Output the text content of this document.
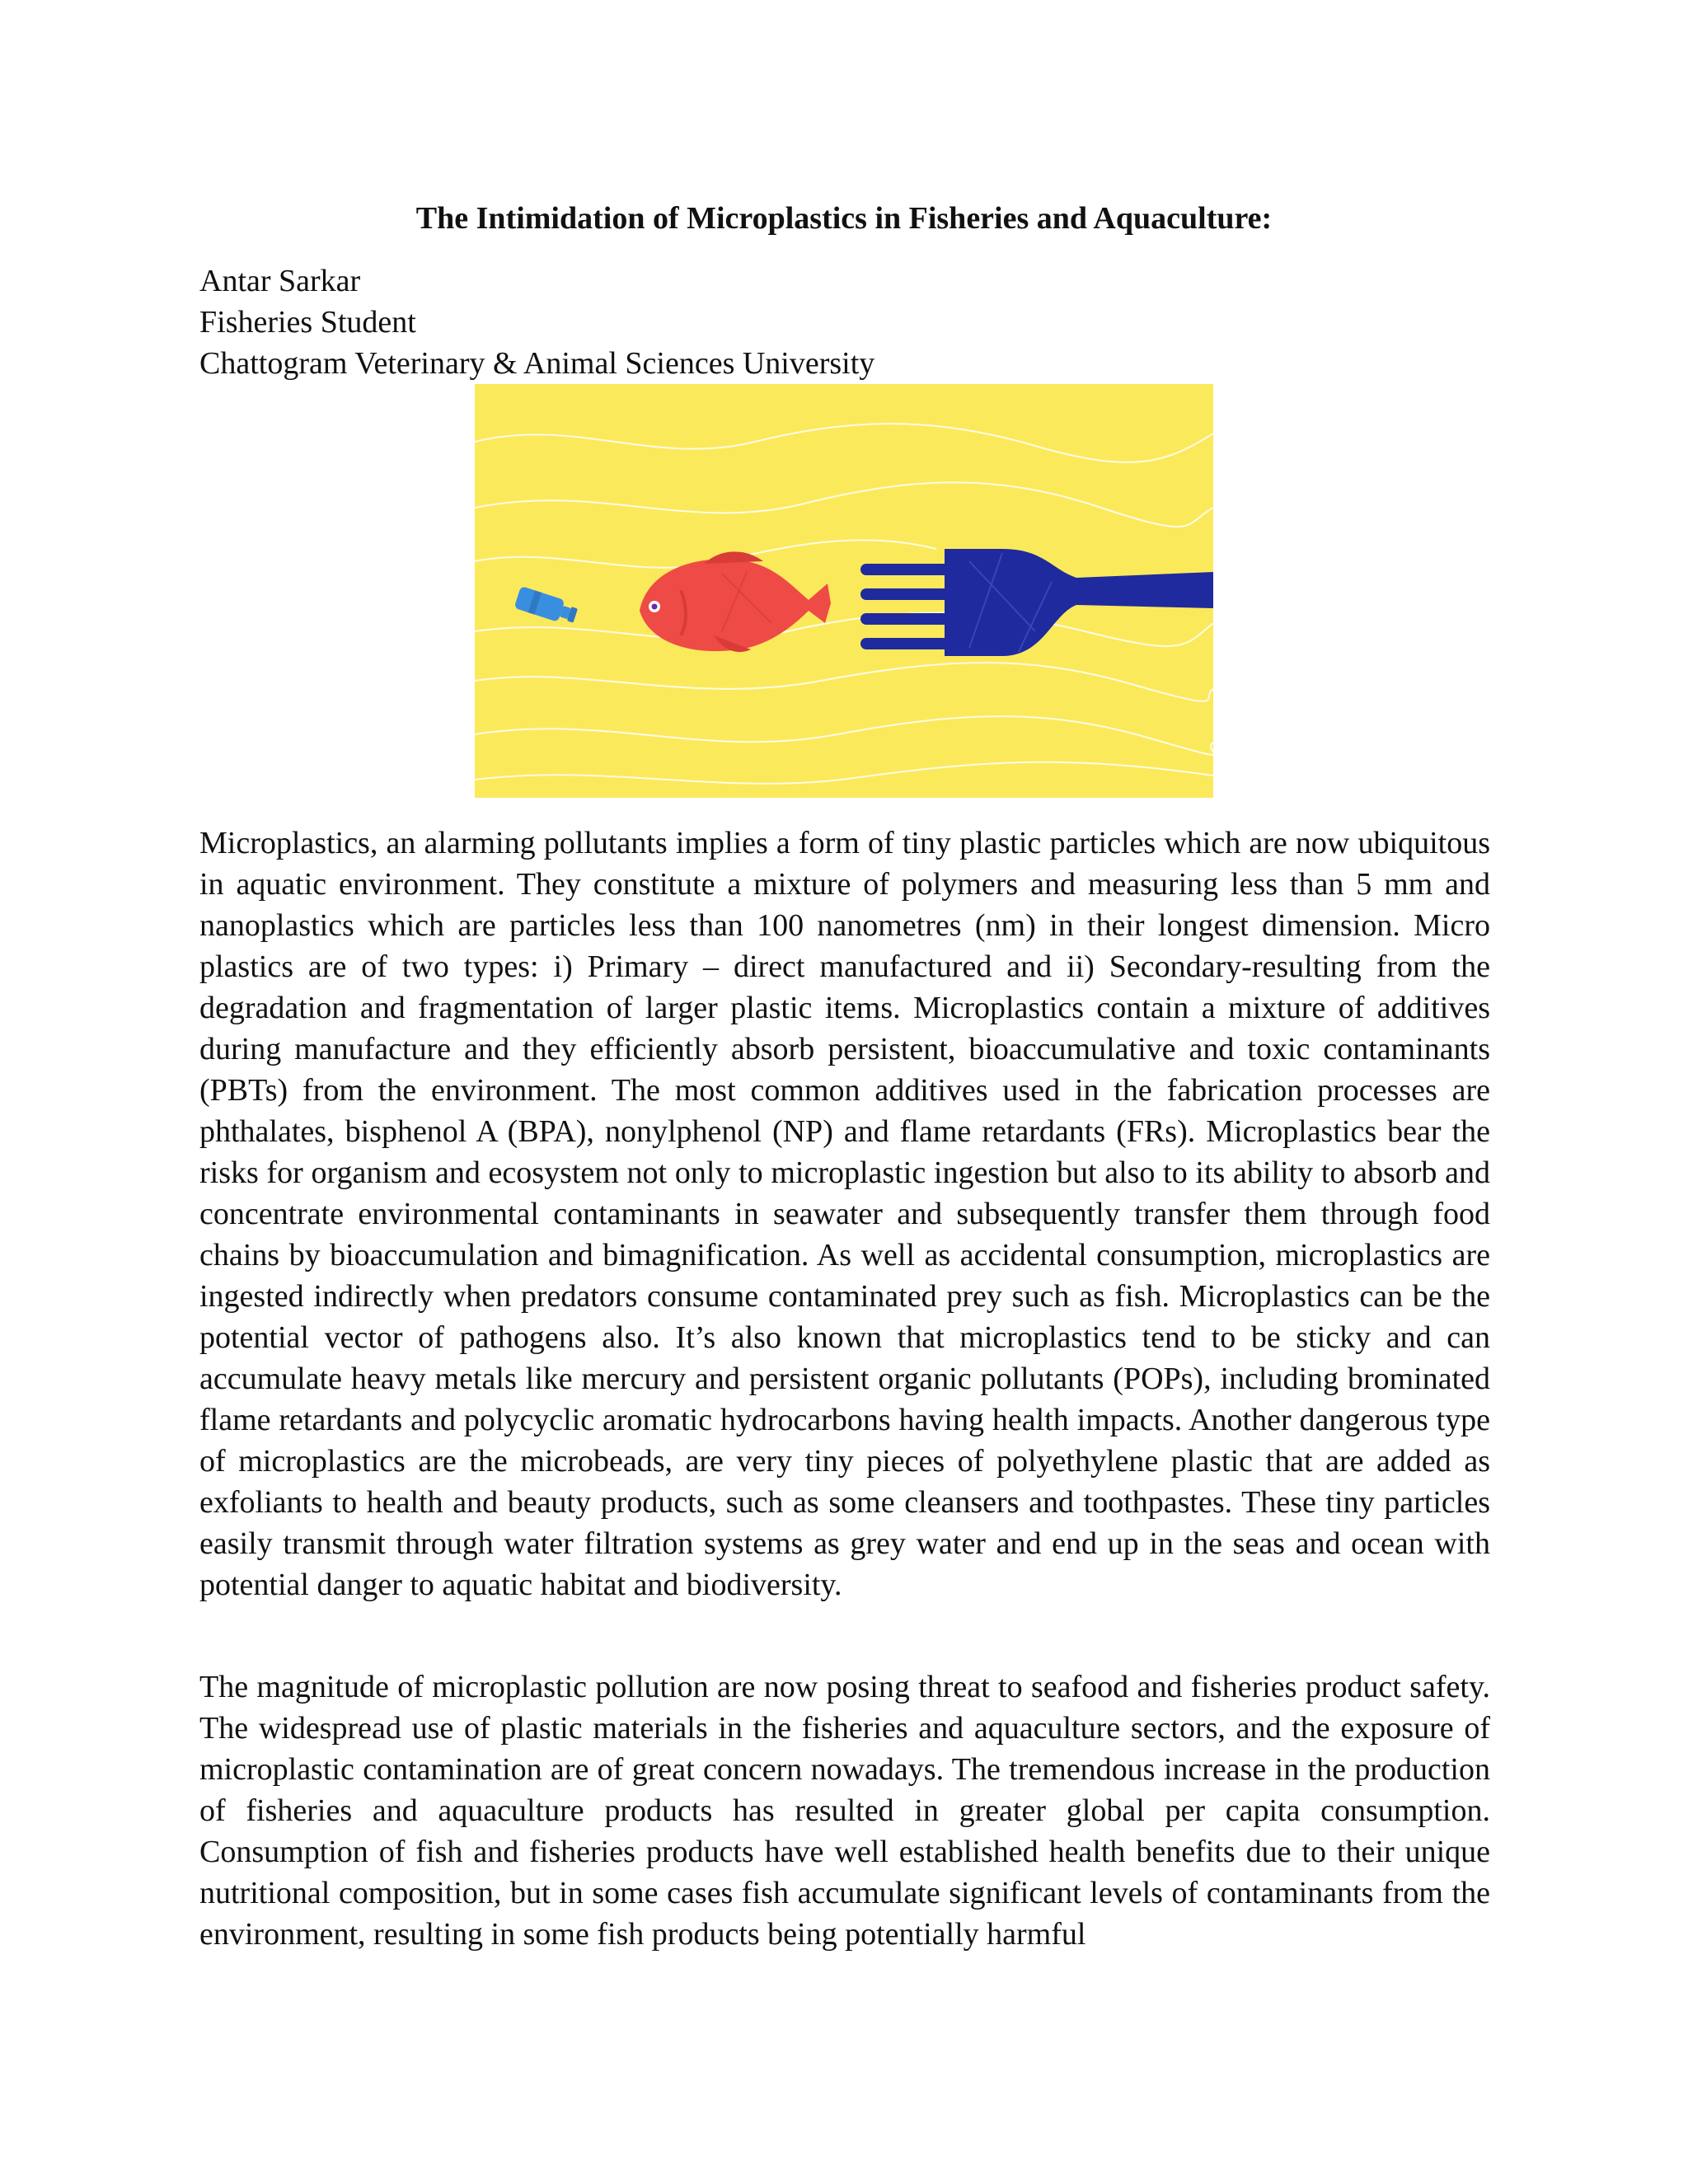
The Intimidation of Microplastics in Fisheries and Aquaculture:
Antar Sarkar
Fisheries Student
Chattogram Veterinary & Animal Sciences University

Microplastics, an alarming pollutants implies a form of tiny plastic particles which are now ubiquitous in aquatic environment. They constitute a mixture of polymers and measuring less than 5 mm and nanoplastics which are particles less than 100 nanometres (nm) in their longest dimension. Micro plastics are of two types: i) Primary – direct manufactured and ii) Secondary-resulting from the degradation and fragmentation of larger plastic items. Microplastics contain a mixture of additives during manufacture and they efficiently absorb persistent, bioaccumulative and toxic contaminants (PBTs) from the environment. The most common additives used in the fabrication processes are phthalates, bisphenol A (BPA), nonylphenol (NP) and flame retardants (FRs). Microplastics bear the risks for organism and ecosystem not only to microplastic ingestion but also to its ability to absorb and concentrate environmental contaminants in seawater and subsequently transfer them through food chains by bioaccumulation and bimagnification. As well as accidental consumption, microplastics are ingested indirectly when predators consume contaminated prey such as fish. Microplastics can be the potential vector of pathogens also. It’s also known that microplastics tend to be sticky and can accumulate heavy metals like mercury and persistent organic pollutants (POPs), including brominated flame retardants and polycyclic aromatic hydrocarbons having health impacts. Another dangerous type of microplastics are the microbeads, are very tiny pieces of polyethylene plastic that are added as exfoliants to health and beauty products, such as some cleansers and toothpastes. These tiny particles easily transmit through water filtration systems as grey water and end up in the seas and ocean with potential danger to aquatic habitat and biodiversity.

The magnitude of microplastic pollution are now posing threat to seafood and fisheries product safety. The widespread use of plastic materials in the fisheries and aquaculture sectors, and the exposure of microplastic contamination are of great concern nowadays. The tremendous increase in the production of fisheries and aquaculture products has resulted in greater global per capita consumption. Consumption of fish and fisheries products have well established health benefits due to their unique nutritional composition, but in some cases fish accumulate significant levels of contaminants from the environment, resulting in some fish products being potentially harmful
